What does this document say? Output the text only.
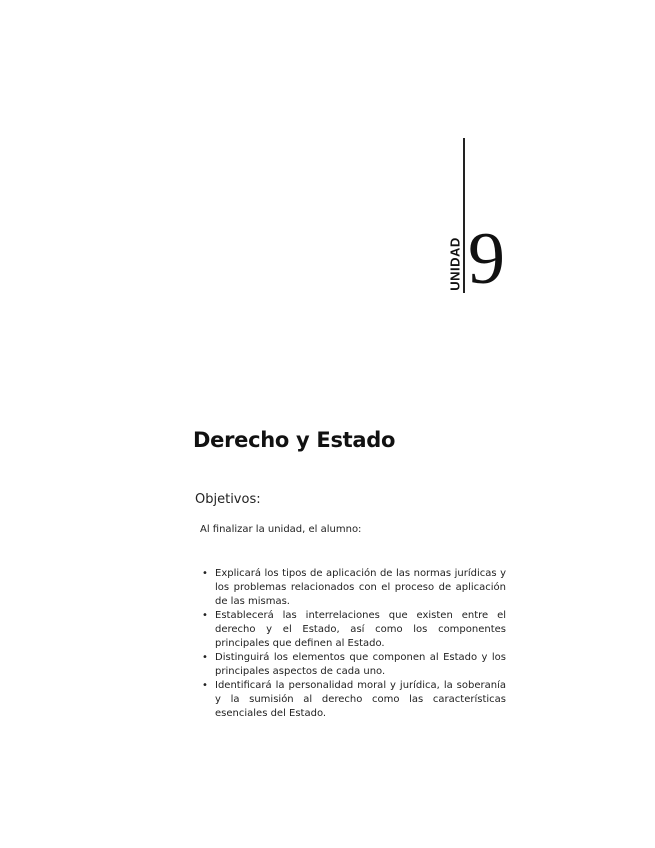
UNIDAD 9
Derecho y Estado
Objetivos:

Al finalizar la unidad, el alumno:

• Explicará los tipos de aplicación de las normas jurídicas y los problemas relacionados con el proceso de aplicación de las mismas.
• Establecerá las interrelaciones que existen entre el derecho y el Estado, así como los componentes principales que definen al Estado.
• Distinguirá los elementos que componen al Estado y los principales aspectos de cada uno.
• Identificará la personalidad moral y jurídica, la soberanía y la sumisión al derecho como las características esenciales del Estado.
